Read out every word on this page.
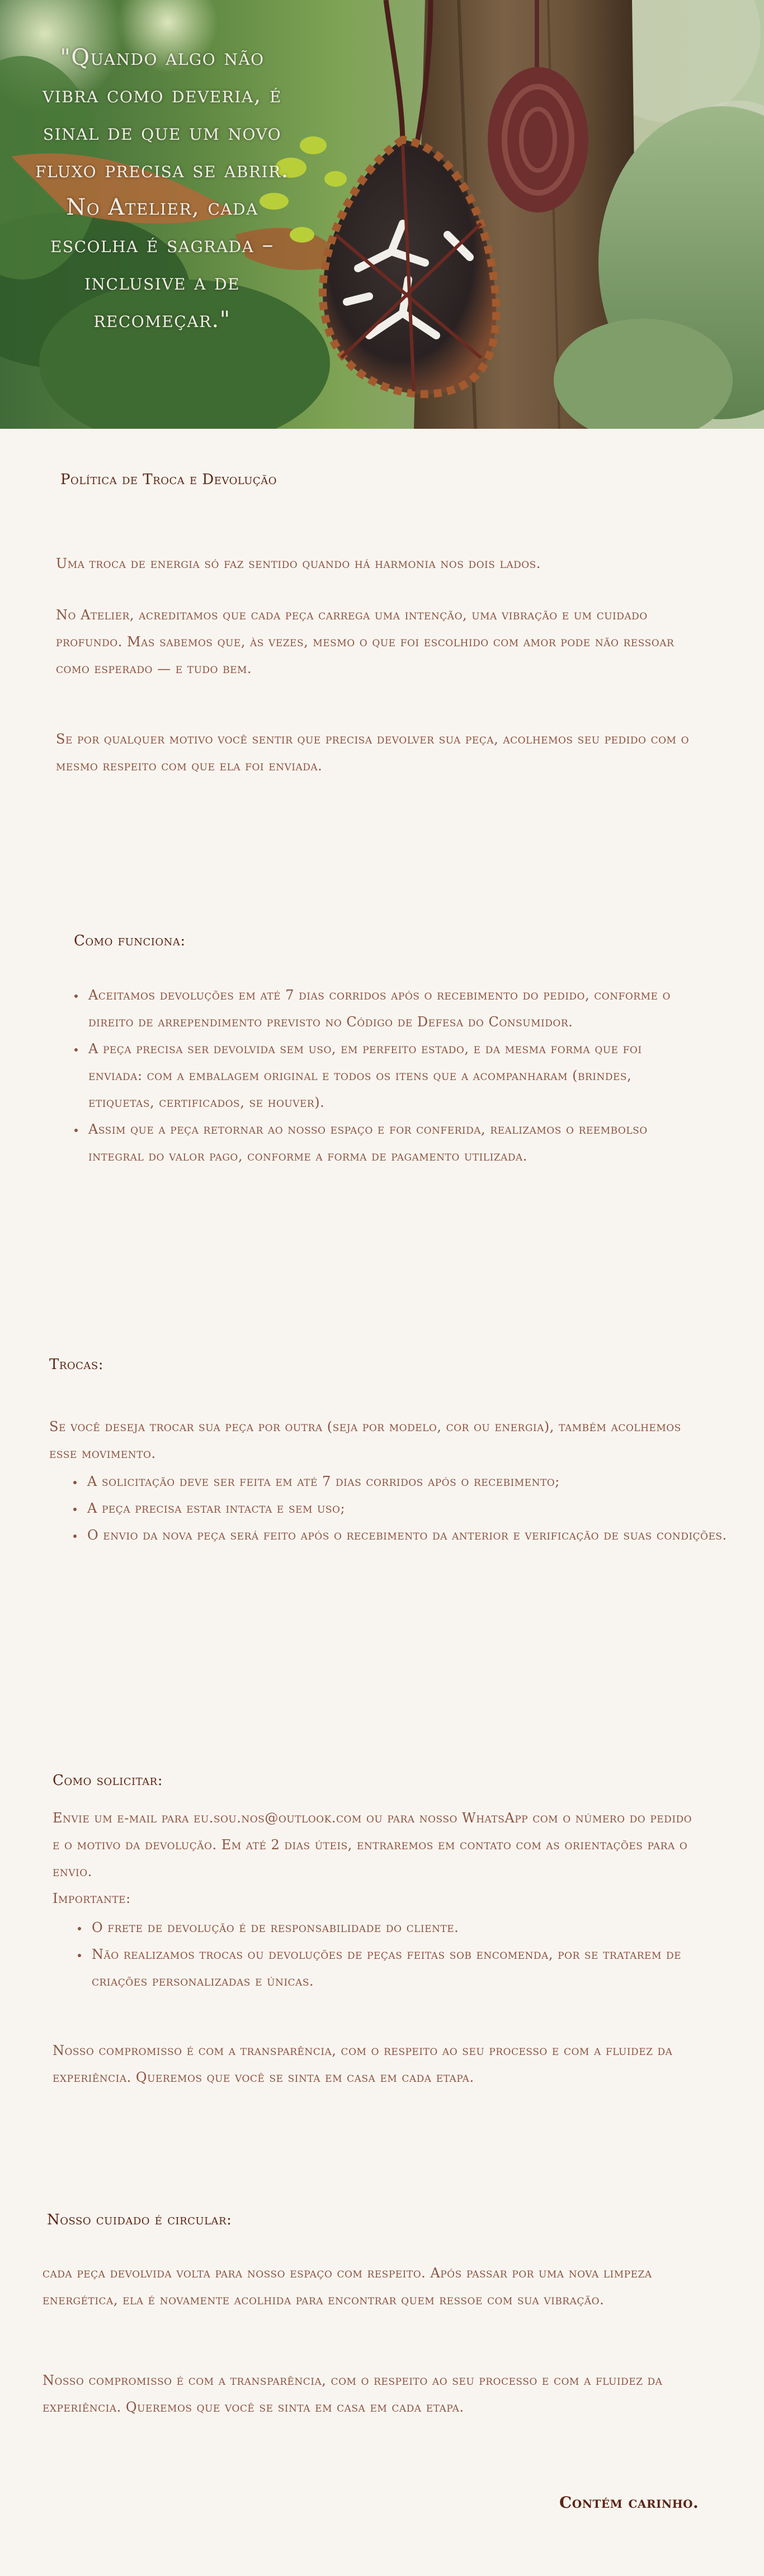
"Quando algo não vibra como deveria, é sinal de que um novo fluxo precisa se abrir. No Atelier, cada escolha é sagrada – inclusive a de recomeçar."
Política de Troca e Devolução
Uma troca de energia só faz sentido quando há harmonia nos dois lados.
No Atelier, acreditamos que cada peça carrega uma intenção, uma vibração e um cuidado profundo. Mas sabemos que, às vezes, mesmo o que foi escolhido com amor pode não ressoar como esperado — e tudo bem.
Se por qualquer motivo você sentir que precisa devolver sua peça, acolhemos seu pedido com o mesmo respeito com que ela foi enviada.
Como funciona:
• Aceitamos devoluções em até 7 dias corridos após o recebimento do pedido, conforme o direito de arrependimento previsto no Código de Defesa do Consumidor.
• A peça precisa ser devolvida sem uso, em perfeito estado, e da mesma forma que foi enviada: com a embalagem original e todos os itens que a acompanharam (brindes, etiquetas, certificados, se houver).
• Assim que a peça retornar ao nosso espaço e for conferida, realizamos o reembolso integral do valor pago, conforme a forma de pagamento utilizada.
Trocas:
Se você deseja trocar sua peça por outra (seja por modelo, cor ou energia), também acolhemos esse movimento.
• A solicitação deve ser feita em até 7 dias corridos após o recebimento;
• A peça precisa estar intacta e sem uso;
• O envio da nova peça será feito após o recebimento da anterior e verificação de suas condições.
Como solicitar:

Envie um e-mail para eu.sou.nos@outlook.com ou para nosso WhatsApp com o número do pedido e o motivo da devolução. Em até 2 dias úteis, entraremos em contato com as orientações para o envio.

Importante:

• O frete de devolução é de responsabilidade do cliente.
• Não realizamos trocas ou devoluções de peças feitas sob encomenda, por se tratarem de criações personalizadas e únicas.
Nosso compromisso é com a transparência, com o respeito ao seu processo e com a fluidez da experiência. Queremos que você se sinta em casa em cada etapa.
Nosso cuidado é circular:
cada peça devolvida volta para nosso espaço com respeito. Após passar por uma nova limpeza energética, ela é novamente acolhida para encontrar quem ressoe com sua vibração.
Nosso compromisso é com a transparência, com o respeito ao seu processo e com a fluidez da experiência. Queremos que você se sinta em casa em cada etapa.
Contém carinho.
